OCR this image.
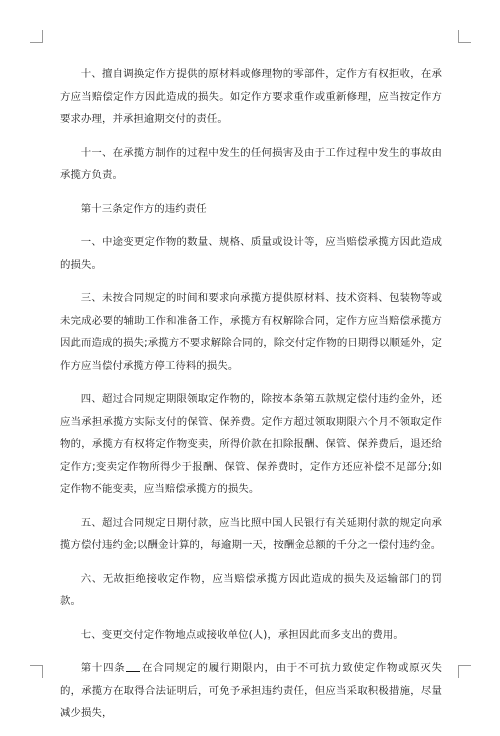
十、擅自调换定作方提供的原材料或修理物的零部件，定作方有权拒收，在承方应当赔偿定作方因此造成的损失。如定作方要求重作或重新修理，应当按定作方要求办理，并承担逾期交付的责任。

十一、在承揽方制作的过程中发生的任何损害及由于工作过程中发生的事故由承揽方负责。

第十三条定作方的违约责任

一、中途变更定作物的数量、规格、质量或设计等，应当赔偿承揽方因此造成的损失。

三、未按合同规定的时间和要求向承揽方提供原材料、技术资料、包装物等或未完成必要的辅助工作和准备工作，承揽方有权解除合同，定作方应当赔偿承揽方因此而造成的损失;承揽方不要求解除合同的，除交付定作物的日期得以顺延外，定作方应当偿付承揽方停工待料的损失。

四、超过合同规定期限领取定作物的，除按本条第五款规定偿付违约金外，还应当承担承揽方实际支付的保管、保养费。定作方超过领取期限六个月不领取定作物的，承揽方有权将定作物变卖，所得价款在扣除报酬、保管、保养费后，退还给定作方;变卖定作物所得少于报酬、保管、保养费时，定作方还应补偿不足部分;如定作物不能变卖，应当赔偿承揽方的损失。

五、超过合同规定日期付款，应当比照中国人民银行有关延期付款的规定向承揽方偿付违约金;以酬金计算的，每逾期一天，按酬金总额的千分之一偿付违约金。

六、无故拒绝接收定作物，应当赔偿承揽方因此造成的损失及运输部门的罚款。

七、变更交付定作物地点或接收单位(人)，承担因此而多支出的费用。

第十四条 在合同规定的履行期限内，由于不可抗力致使定作物或原灭失的，承揽方在取得合法证明后，可免予承担违约责任，但应当采取积极措施，尽量减少损失，
